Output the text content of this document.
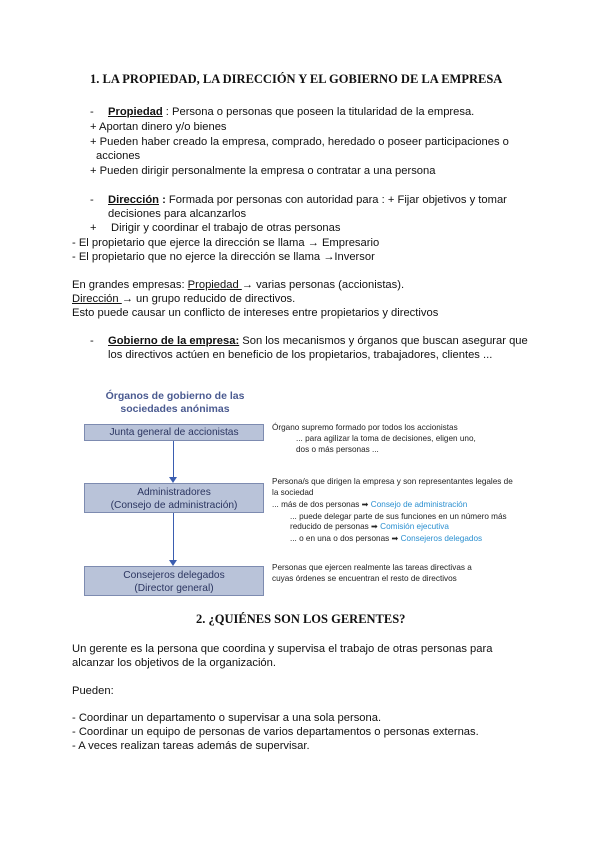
1. LA PROPIEDAD, LA DIRECCIÓN Y EL GOBIERNO DE LA EMPRESA
- Propiedad : Persona o personas que poseen la titularidad de la empresa.
+ Aportan dinero y/o bienes
+ Pueden haber creado la empresa, comprado, heredado o poseer participaciones o
acciones
+ Pueden dirigir personalmente la empresa o contratar a una persona
- Dirección : Formada por personas con autoridad para : + Fijar objetivos y tomar
decisiones para alcanzarlos
+ Dirigir y coordinar el trabajo de otras personas
- El propietario que ejerce la dirección se llama → Empresario
- El propietario que no ejerce la dirección se llama →Inversor
En grandes empresas: Propiedad → varias personas (accionistas).
Dirección → un grupo reducido de directivos.
Esto puede causar un conflicto de intereses entre propietarios y directivos
- Gobierno de la empresa: Son los mecanismos y órganos que buscan asegurar que
los directivos actúen en beneficio de los propietarios, trabajadores, clientes ...
Órganos de gobierno de las
sociedades anónimas
Junta general de accionistas
Administradores
(Consejo de administración)
Consejeros delegados
(Director general)
Órgano supremo formado por todos los accionistas
... para agilizar la toma de decisiones, eligen uno,
dos o más personas ...
Persona/s que dirigen la empresa y son representantes legales de
la sociedad
... más de dos personas ➡ Consejo de administración
... puede delegar parte de sus funciones en un número más
reducido de personas ➡ Comisión ejecutiva
... o en una o dos personas ➡ Consejeros delegados
Personas que ejercen realmente las tareas directivas a
cuyas órdenes se encuentran el resto de directivos
2. ¿QUIÉNES SON LOS GERENTES?
Un gerente es la persona que coordina y supervisa el trabajo de otras personas para
alcanzar los objetivos de la organización.
Pueden:
- Coordinar un departamento o supervisar a una sola persona.
- Coordinar un equipo de personas de varios departamentos o personas externas.
- A veces realizan tareas además de supervisar.
